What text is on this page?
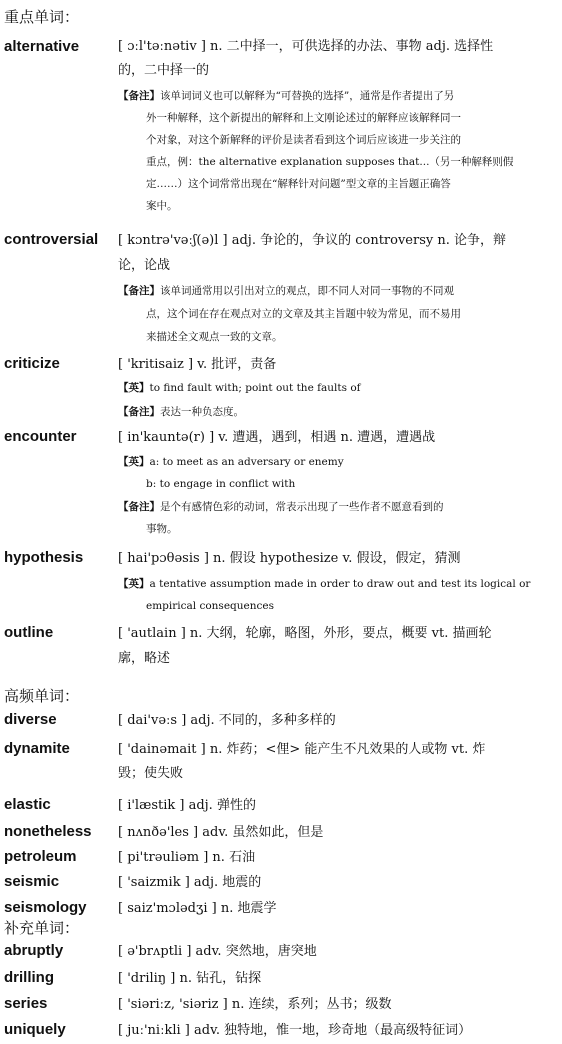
重点单词：
alternative	[ ɔːl'təːnətiv ] n. 二中择一，可供选择的办法、事物 adj. 选择性
的，二中择一的
【备注】该单词词义也可以解释为“可替换的选择”，通常是作者提出了另
外一种解释，这个新提出的解释和上文刚论述过的解释应该解释同一
个对象，对这个新解释的评价是读者看到这个词后应该进一步关注的
重点，例：the alternative explanation supposes that...（另一种解释则假
定……）这个词常常出现在“解释针对问题”型文章的主旨题正确答
案中。
controversial [ kɔntrə'vəːʃ(ə)l ] adj. 争论的，争议的 controversy n. 论争，辩
论，论战
【备注】该单词通常用以引出对立的观点，即不同人对同一事物的不同观
点，这个词在存在观点对立的文章及其主旨题中较为常见，而不易用
来描述全文观点一致的文章。
criticize	[ 'kritisaiz ] v. 批评，责备
【英】to find fault with; point out the faults of
【备注】表达一种负态度。
encounter	[ in'kauntə(r) ] v. 遭遇，遇到，相遇 n. 遭遇，遭遇战
【英】a: to meet as an adversary or enemy
b: to engage in conflict with
【备注】是个有感情色彩的动词，常表示出现了一些作者不愿意看到的
事物。
hypothesis	[ hai'pɔθəsis ] n. 假设 hypothesize v. 假设，假定，猜测
【英】a tentative assumption made in order to draw out and test its logical or
empirical consequences
outline	[ 'autlain ] n. 大纲，轮廓，略图，外形，要点，概要 vt. 描画轮
廓，略述
高频单词：
diverse	[ dai'vəːs ] adj. 不同的，多种多样的
dynamite	[ 'dainəmait ] n. 炸药；<俚> 能产生不凡效果的人或物 vt. 炸
毁；使失败
elastic	[ i'læstik ] adj. 弹性的
nonetheless [ nʌnðə'les ] adv. 虽然如此，但是
petroleum	[ pi'trəuliəm ] n. 石油
seismic	[ 'saizmik ] adj. 地震的
seismology [ saiz'mɔlədʒi ] n. 地震学
补充单词：
abruptly	[ ə'brʌptli ] adv. 突然地，唐突地
drilling	[ 'driliŋ ] n. 钻孔，钻探
series	[ 'siəriːz, 'siəriz ] n. 连续，系列；丛书；级数
uniquely	[ juː'niːkli ] adv. 独特地，惟一地，珍奇地（最高级特征词）
